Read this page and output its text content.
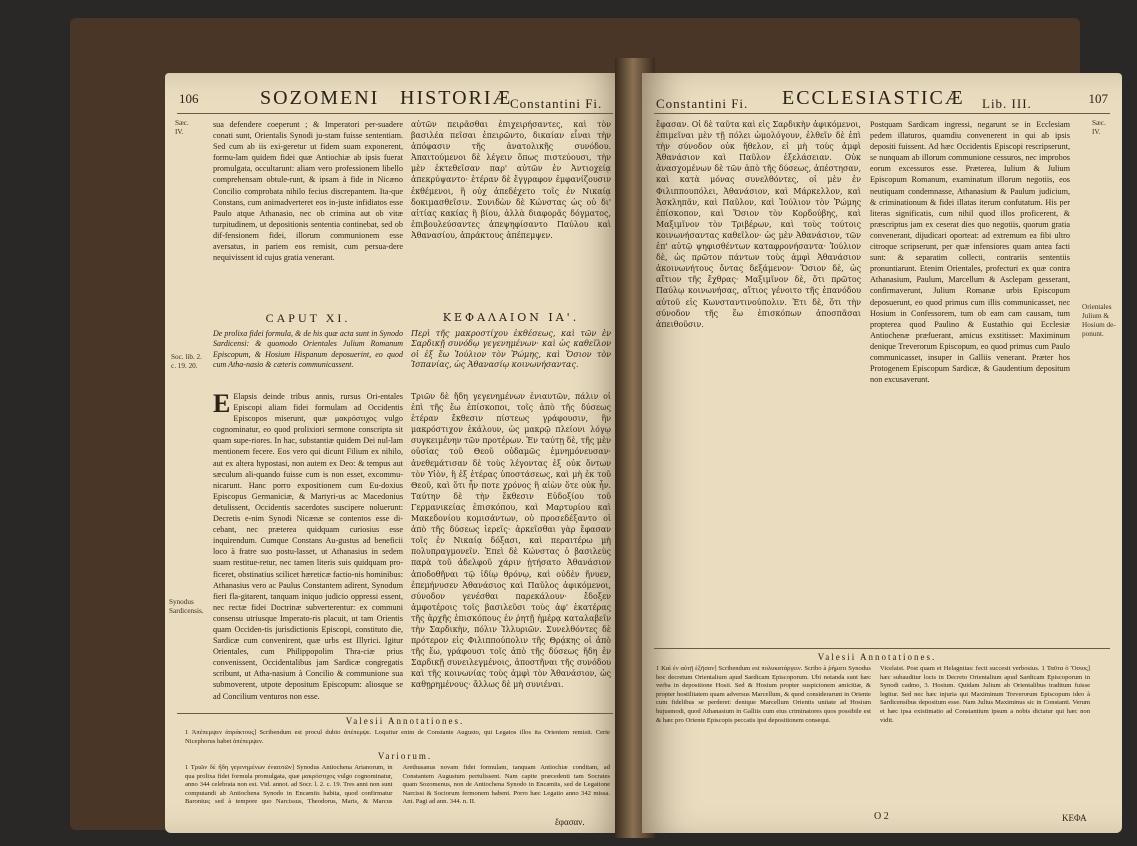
106	SOZOMENI HISTORIÆ
Constantini Fi.
Sæc.
IV.
Soc. lib. 2.
c. 19. 20.
Synodus
Sardicensis.

sua defendere coeperunt ; & Imperatori per-suadere conati sunt, Orientalis Synodi ju-stam fuisse sententiam. Sed cum ab iis exi-geretur ut fidem suam exponerent, formu-lam quidem fidei quæ Antiochiæ ab ipsis fuerat promulgata, occultarunt: aliam vero professionem libello comprehensam obtule-runt, & ipsam à fide in Nicæno Concilio comprobata nihilo fecius discrepantem. Ita-que Constans, cum animadverteret eos in-juste infidiatos esse Paulo atque Athanasio, nec ob crimina aut ob vitæ turpitudinem, ut depositionis sententia continebat, sed ob dif-fensionem fidei, illorum communionem esse aversatus, in pariem eos remisit, cum persua-dere nequivissent id cujus gratia venerant.

αὐτῶν πειρᾶσθαι ἐπιχειρήσαντες, καὶ τὸν βασιλέα πεῖσαι ἐπειρῶντο, δικαίαν εἶναι τὴν ἀπόφασιν τῆς ἀνατολικῆς συνόδου. Ἀπαιτούμενοι δὲ λέγειν ὅπως πιστεύουσι, τὴν μὲν ἐκτεθεῖσαν παρ' αὐτῶν ἐν Ἀντιοχείᾳ ἀπεκρύψαντο· ἑτέραν δὲ ἔγγραφον ἐμφανίζουσιν ἐκθέμενοι, ἣ οὐχ ἀπεδέχετο τοῖς ἐν Νικαίᾳ δοκιμασθεῖσιν. Συνιδὼν δὲ Κώνστας ὡς οὐ δι' αἰτίας κακίας ἢ βίου, ἀλλὰ διαφορᾶς δόγματος, ἐπιβουλεύσαντες ἀπεψηφίσαντο Παύλου καὶ Ἀθανασίου, ἀπράκτους ἀπέπεμψεν.

CAPUT XI.	ΚΕΦΑΛΑΙΟΝ ΙΑ'.
De prolixa fidei formula, & de his quæ acta sunt in Synodo Sardicensi: & quomodo Orientales Julium Romanum Episcopum, & Hosium Hispanum deposuerint, eo quod cum Atha-nasio & cæteris communicassent.
Περὶ τῆς μακροστίχου ἐκθέσεως, καὶ τῶν ἐν Σαρδικῇ συνόδῳ γεγενημένων· καὶ ὡς καθεῖλον οἱ ἐξ ἕω Ἰούλιον τὸν Ῥώμης, καὶ Ὅσιον τὸν Ἱσπανίας, ὡς Ἀθανασίῳ κοινωνήσαντας.
E Elapsis deinde tribus annis, rursus Ori-entales Episcopi aliam fidei formulam ad Occidentis Episcopos miserunt, quæ μακρόστιχος vulgo cognominatur, eo quod prolixiori sermone conscripta sit quam supe-riores. In hac, substantiæ quidem Dei nul-lam mentionem fecere. Eos vero qui dicunt Filium ex nihilo, aut ex altera hypostasi, non autem ex Deo: & tempus aut sæculum ali-quando fuisse cum is non esset, excommu-nicarunt. Hanc porro expositionem cum Eu-doxius Episcopus Germaniciæ, & Martyri-us ac Macedonius detulissent, Occidentis sacerdotes suscipere noluerunt: Decretis e-nim Synodi Nicænæ se contentos esse di-cebant, nec præterea quidquam curiosius esse inquirendum. Cumque Constans Au-gustus ad beneficii loco à fratre suo postu-lasset, ut Athanasius in sedem suam restitue-retur, nec tamen literis suis quidquam pro-ficeret, obstinatius scilicet hæreticæ factio-nis hominibus: Athanasius vero ac Paulus Constantem adirent, Synodum fieri fla-gitarent, tanquam iniquo judicio oppressi essent, nec rectæ fidei Doctrinæ subverterentur: ex communi consensu utriusque Imperato-ris placuit, ut tam Orientis quam Occiden-tis jurisdictionis Episcopi, constituto die, Sardicæ cum convenirent, quæ urbs est Illyrici. Igitur Orientales, cum Philippopolim Thra-ciæ prius convenissent, Occidentalibus jam Sardicæ congregatis scribunt, ut Atha-nasium à Concilio & communione sua submoverent, utpote depositum Episcopum: aliosque se ad Concilium venturos non esse.

Τριῶν δὲ ἤδη γεγενημένων ἐνιαυτῶν, πάλιν οἱ ἐπὶ τῆς ἕω ἐπίσκοποι, τοῖς ἀπὸ τῆς δύσεως ἑτέραν ἔκθεσιν πίστεως γράφουσιν, ἣν μακρόστιχον ἐκάλουν, ὡς μακρῷ πλείονι λόγῳ συγκειμένην τῶν προτέρων. Ἐν ταύτῃ δὲ, τῆς μὲν οὐσίας τοῦ Θεοῦ οὐδαμῶς ἐμνημόνευσαν· ἀνεθεμάτισαν δὲ τοὺς λέγοντας ἐξ οὐκ ὄντων τὸν Υἱὸν, ἢ ἐξ ἑτέρας ὑποστάσεως, καὶ μὴ ἐκ τοῦ Θεοῦ, καὶ ὅτι ἦν ποτε χρόνος ἢ αἰὼν ὅτε οὐκ ἦν. Ταύτην δὲ τὴν ἔκθεσιν Εὐδοξίου τοῦ Γερμανικείας ἐπισκόπου, καὶ Μαρτυρίου καὶ Μακεδονίου κομισάντων, οὐ προσεδέξαντο οἱ ἀπὸ τῆς δύσεως ἱερεῖς· ἀρκεῖσθαι γὰρ ἔφασαν τοῖς ἐν Νικαίᾳ δόξασι, καὶ περαιτέρω μὴ πολυπραγμονεῖν. Ἐπεὶ δὲ Κώνστας ὁ βασιλεὺς παρὰ τοῦ ἀδελφοῦ χάριν ᾐτήσατο Ἀθανάσιον ἀποδοθῆναι τῷ ἰδίῳ θρόνῳ, καὶ οὐδὲν ἤνυεν, ἐπεμήνυσεν Ἀθανάσιος καὶ Παῦλος ἀφικόμενοι, σύνοδον γενέσθαι παρεκάλουν· ἔδοξεν ἀμφοτέροις τοῖς βασιλεῦσι τοὺς ἀφ' ἑκατέρας τῆς ἀρχῆς ἐπισκόπους ἐν ῥητῇ ἡμέρᾳ καταλαβεῖν τὴν Σαρδικὴν, πόλιν Ἰλλυριῶν. Συνελθόντες δὲ πρότερον εἰς Φιλιππούπολιν τῆς Θρᾴκης οἱ ἀπὸ τῆς ἕω, γράφουσι τοῖς ἀπὸ τῆς δύσεως ἤδη ἐν Σαρδικῇ συνειλεγμένοις, ἀποστῆναι τῆς συνόδου καὶ τῆς κοινωνίας τοὺς ἀμφὶ τὸν Ἀθανάσιον, ὡς καθῃρημένους· ἄλλως δὲ μὴ συνιέναι.

Valesii Annotationes.
1 Ἀπέπεμψεν ἀπράκτους] Scribendum est procul dubio ἀπέπεμψε. Loquitur enim de Constante Augusto, qui Legatos illos ita Orientem remisit. Certe Nicephorus habet ἀπέπεμψεν.
Variorum.
1 Τριῶν δὲ ἤδη γεγενημένων ἐνιαυτῶν] Synodus Antiochena Arianorum, in qua prolixa fidei formula promulgata, quæ μακρόστιχος vulgo cognominatur, anno 344 celebrata non est. Vid. annot. ad Socr. l. 2. c. 19. Tres anni non sunt computandi ab Antiochena Synodo in Encæniis habita, quod confirmatur Baronius; sed à tempore quo Narcissus, Theodorus, Maris, & Marcus Arethusanus novam fidei formulam, tanquam Antiochiæ conditam, ad Constantem Augustum pertulissent. Nam capite præcedenti tam Socrates quam Sozomenus, non de Antiochena Synodo in Encæniis, sed de Legatione Narcissi & Sociorum fermonem habent. Porro hæc Legatio anno 342 missa. Ant. Pagi ad ann. 344. n. II.
ἔφασαν.
Constantini Fi. ECCLESIASTICÆ Lib. III.	107
Sæc.
IV.
Orientales
Julium &
Hosium de-
ponunt.

ἔφασαν. Οἱ δὲ ταῦτα καὶ εἰς Σαρδικὴν ἀφικόμενοι, ἐπιμεῖναι μὲν τῇ πόλει ὡμολόγουν, ἐλθεῖν δὲ ἐπὶ τὴν σύνοδον οὐκ ἤθελον, εἰ μὴ τοὺς ἀμφὶ Ἀθανάσιον καὶ Παῦλον ἐξελάσειαν. Οὐκ ἀνασχομένων δὲ τῶν ἀπὸ τῆς δύσεως, ἀπέστησαν, καὶ κατὰ μόνας συνελθόντες, οἱ μὲν ἐν Φιλιππουπόλει, Ἀθανάσιον, καὶ Μάρκελλον, καὶ Ἀσκληπᾶν, καὶ Παῦλον, καὶ Ἰούλιον τὸν Ῥώμης ἐπίσκοπον, καὶ Ὅσιον τὸν Κορδούβης, καὶ Μαξιμῖνον τὸν Τριβέρων, καὶ τοὺς τούτοις κοινωνήσαντας καθεῖλον· ὡς μὲν Ἀθανάσιον, τῶν ἐπ' αὐτῷ ψηφισθέντων καταφρονήσαντα· Ἰούλιον δὲ, ὡς πρῶτον πάντων τοὺς ἀμφὶ Ἀθανάσιον ἀκοινωνήτους ὄντας δεξάμενον· Ὅσιον δὲ, ὡς αἴτιον τῆς ἔχθρας· Μαξιμῖνον δὲ, ὅτι πρῶτος Παύλῳ κοινωνήσας, αἴτιος γένοιτο τῆς ἐπανόδου αὐτοῦ εἰς Κωνσταντινούπολιν. Ἐτι δὲ, ὅτι τὴν σύνοδον τῆς ἕω ἐπισκόπων ἀποσπᾶσαι ἀπειθοῦσιν.

Postquam Sardicam ingressi, negarunt se in Ecclesiam pedem illaturos, quamdiu convenerent in qui ab ipsis depositi fuissent. Ad hæc Occidentis Episcopi rescripserunt, se nunquam ab illorum communione cessuros, nec improbos eorum excessuros esse. Præterea, Iulium & Julium Episcopum Romanum, examinatum illorum negotiis, eos neutiquam condemnasse, Athanasium & Paulum judicium, & criminationum & fidei illatas iterum confutatum. His per literas significatis, cum nihil quod illos proficerent, & præscriptus jam ex ceserat dies quo negotiis, quorum gratia convenerant, dijudicari oporteat: ad extremum ea fibi ultro citroque scripserunt, per quæ infensiores quam antea facti sunt: & separatim collecti, contrariis sententiis pronuntiarunt. Etenim Orientales, profecturi ex quæ contra Athanasium, Paulum, Marcellum & Asclepam gesserant, confirmaverunt, Julium Romanæ urbis Episcopum deposuerunt, eo quod primus cum illis communicasset, nec Hosium in Confessorem, tum ob eam cam causam, tum propterea quod Paulino & Eustathio qui Ecclesiæ Antiochenæ præfuerant, amicus exstitisset: Maximinum denique Treverorum Episcopum, eo quod primus cum Paulo communicasset, insuper in Galliis venerant. Præter hos Protogenem Episcopum Sardicæ, & Gaudentium depositum non excusaverunt.

Valesii Annotationes.
1 Καὶ ἐν αὐτῇ ἐξῆσαν] Scribendum est πολυκατάργειν. Scribo à ῥήματι Synodus hoc decretum Orientalium apud Sardicam Episcoporum. Ubi notanda sunt hæc verba in depositione Hosii. Sed & Hosium propter suspicionem amicitiæ, & propter hostilitatem quam adversus Marcellum, & quod considerarunt in Oriente cum fidelibus se perderet: denique Marcellum Orientis unitate ad Hosium hujusmodi, quod Athanasium in Galliis cum eius criminatores quos possibile est & hæc pro Oriente Episcopis peccatis ipsi depositionem consequi.
Vicelaist. Post quam et Helagnitas: fecit succesit verbosius. 1 Ταῦτα ὁ Ὅσιος] hæc subauditur locis in Decreto Orientalium apud Sardicam Episcoporum in Synodi cadmo, 3. Hosium. Quidam Julium ab Orientalibus traditum fuisse legitur. Sed nec hæc injuria qui Maximinum Treverorum Episcopum ideo à Sardicensibus depositum esse. Nam Julius Maximinus sic in Constanti. Verum et hæc ipsa existimatio ad Constantium ipsum a nobis dictatur qui hæc non vidit.
O 2	ΚΕΦΑ
